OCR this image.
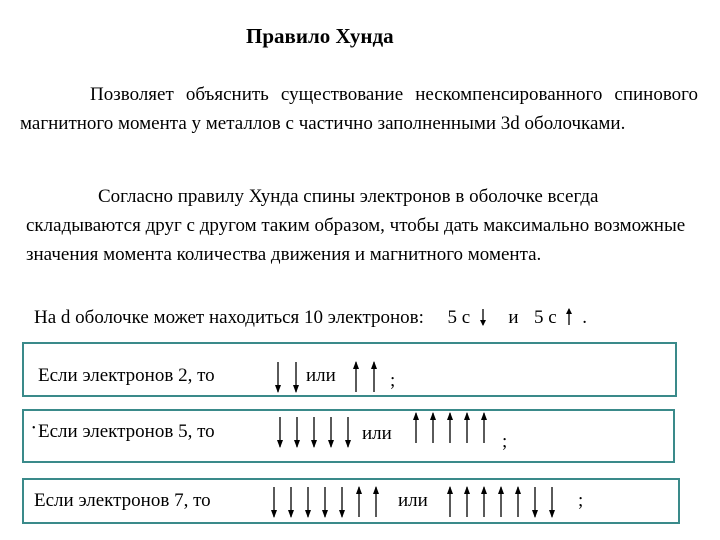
Правило Хунда
Позволяет объяснить существование нескомпенсированного спинового магнитного момента у металлов с частично заполненными 3d оболочками.
Согласно правилу Хунда спины электронов в оболочке всегда складываются друг с другом таким образом, чтобы дать максимально возможные значения момента количества движения и магнитного момента.
На d оболочке может находиться 10 электронов: 5 с и 5 с .
Если электронов 2, то	или	;
• Если электронов 5, то	или	;
Если электронов 7, то	или	;
